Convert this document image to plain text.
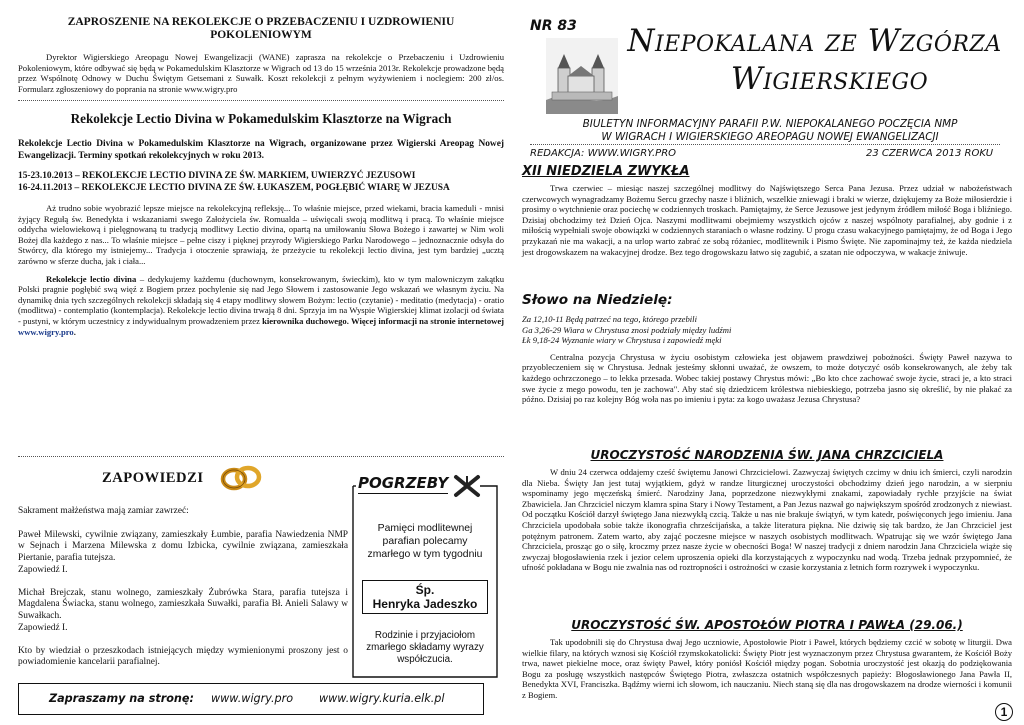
ZAPROSZENIE NA REKOLEKCJE O PRZEBACZENIU I UZDROWIENIU POKOLENIOWYM

Dyrektor Wigierskiego Areopagu Nowej Ewangelizacji (WANE) zaprasza na rekolekcje o Przebaczeniu i Uzdrowieniu Pokoleniowym, które odbywać się będą w Pokamedulskim Klasztorze w Wigrach od 13 do 15 września 2013r. Rekolekcje prowadzone będą przez Wspólnotę Odnowy w Duchu Świętym Getsemani z Suwałk. Koszt rekolekcji z pełnym wyżywieniem i noclegiem: 200 zł/os. Formularz zgłoszeniowy do poprania na stronie www.wigry.pro

Rekolekcje Lectio Divina w Pokamedulskim Klasztorze na Wigrach

Rekolekcje Lectio Divina w Pokamedulskim Klasztorze na Wigrach, organizowane przez Wigierski Areopag Nowej Ewangelizacji. Terminy spotkań rekolekcyjnych w roku 2013.

15-23.10.2013 – REKOLEKCJE LECTIO DIVINA ZE ŚW. MARKIEM, UWIERZYĆ JEZUSOWI

16-24.11.2013 – REKOLEKCJE LECTIO DIVINA ZE ŚW. ŁUKASZEM, POGŁĘBIĆ WIARĘ W JEZUSA

Aż trudno sobie wyobrazić lepsze miejsce na rekolekcyjną refleksję... To właśnie miejsce, przed wiekami, bracia kameduli - mnisi żyjący Regułą św. Benedykta i wskazaniami swego Założyciela św. Romualda – uświęcali swoją modlitwą i pracą. To właśnie miejsce oddycha wielowiekową i pielęgnowaną tu tradycją modlitwy Lectio divina, opartą na umiłowaniu Słowa Bożego i zawartej w Nim woli Bożej dla każdego z nas... To właśnie miejsce – pełne ciszy i pięknej przyrody Wigierskiego Parku Narodowego – jednoznacznie odsyła do Stwórcy, dla którego my istniejemy... Tradycja i otoczenie sprawiają, że przeżycie tu rekolekcji lectio divina, jest tym bardziej „ucztą zarówno w sferze ducha, jak i ciała...

Rekolekcje lectio divina – dedykujemy każdemu (duchownym, konsekrowanym, świeckim), kto w tym malowniczym zakątku Polski pragnie pogłębić swą więź z Bogiem przez pochylenie się nad Jego Słowem i zastosowanie Jego wskazań we własnym życiu. Na dynamikę dnia tych szczególnych rekolekcji składają się 4 etapy modlitwy słowem Bożym: lectio (czytanie) - meditatio (medytacja) - oratio (modlitwa) - contemplatio (kontemplacja). Rekolekcje lectio divina trwają 8 dni. Sprzyja im na Wyspie Wigierskiej klimat izolacji od świata - pustyni, w którym uczestnicy z indywidualnym prowadzeniem przez kierownika duchowego. Więcej informacji na stronie internetowej www.wigry.pro.

ZAPOWIEDZI

Sakrament małżeństwa mają zamiar zawrzeć:

Paweł Milewski, cywilnie związany, zamieszkały Łumbie, parafia Nawiedzenia NMP w Sejnach i Marzena Milewska z domu Izbicka, cywilnie związana, zamieszkała Piertanie, parafia tutejsza.

Zapowiedź I.

Michał Brejczak, stanu wolnego, zamieszkały Żubrówka Stara, parafia tutejsza i Magdalena Świacka, stanu wolnego, zamieszkała Suwałki, parafia Bł. Anieli Salawy w Suwałkach.

Zapowiedź I.

Kto by wiedział o przeszkodach istniejących między wymienionymi proszony jest o powiadomienie kancelarii parafialnej.

POGRZEBY

Pamięci modlitewnej parafian polecamy zmarłego w tym tygodniu

Śp.
Henryka Jadeszko

Rodzinie i przyjaciołom zmarłego składamy wyrazy współczucia.

Zapraszamy na stronę: www.wigry.pro www.wigry.kuria.elk.pl
NR 83	Niepokalana ze Wzgórza
Wigierskiego
BIULETYN INFORMACYJNY PARAFII P.W. NIEPOKALANEGO POCZĘCIA NMP
W WIGRACH I WIGIERSKIEGO AREOPAGU NOWEJ EWANGELIZACJI
REDAKCJA: WWW.WIGRY.PRO	23 CZERWCA 2013 ROKU
XII NIEDZIELA ZWYKŁA

Trwa czerwiec – miesiąc naszej szczególnej modlitwy do Najświętszego Serca Pana Jezusa. Przez udział w nabożeństwach czerwcowych wynagradzamy Bożemu Sercu grzechy nasze i bliźnich, wszelkie zniewagi i braki w wierze, dziękujemy za Boże miłosierdzie i prosimy o wytchnienie oraz pociechę w codziennych troskach. Pamiętajmy, że Serce Jezusowe jest jedynym źródłem miłość Boga i bliźniego. Dzisiaj obchodzimy też Dzień Ojca. Naszymi modlitwami obejmiemy wszystkich ojców z naszej wspólnoty parafialnej, aby godnie i z miłością wypełniali swoje obowiązki w codziennych staraniach o własne rodziny. U progu czasu wakacyjnego pamiętajmy, że od Boga i Jego przykazań nie ma wakacji, a na urlop warto zabrać ze sobą różaniec, modlitewnik i Pismo Święte. Nie zapominajmy też, że każda niedziela jest drogowskazem na wakacyjnej drodze. Bez tego drogowskazu łatwo się zagubić, a szatan nie odpoczywa, w wakacje żniwuje.

Słowo na Niedzielę:

Za 12,10-11 Będą patrzeć na tego, którego przebili

Ga 3,26-29 Wiara w Chrystusa znosi podziały między ludźmi

Łk 9,18-24 Wyznanie wiary w Chrystusa i zapowiedź męki

Centralna pozycja Chrystusa w życiu osobistym człowieka jest objawem prawdziwej pobożności. Święty Paweł nazywa to przyobleczeniem się w Chrystusa. Jednak jesteśmy skłonni uważać, że owszem, to może dotyczyć osób konsekrowanych, ale żeby tak każdego ochrzczonego – to lekka przesada. Wobec takiej postawy Chrystus mówi: „Bo kto chce zachować swoje życie, straci je, a kto straci swe życie z mego powodu, ten je zachowa". Aby stać się dziedzicem królestwa niebieskiego, potrzeba jasno się określić, by nie płakać za późno. Dzisiaj po raz kolejny Bóg woła nas po imieniu i pyta: za kogo uważasz Jezusa Chrystusa?

UROCZYSTOŚĆ NARODZENIA ŚW. JANA CHRZCICIELA

W dniu 24 czerwca oddajemy cześć świętemu Janowi Chrzcicielowi. Zazwyczaj świętych czcimy w dniu ich śmierci, czyli narodzin dla Nieba. Święty Jan jest tutaj wyjątkiem, gdyż w randze liturgicznej uroczystości obchodzimy dzień jego narodzin, a w sierpniu wspominamy jego męczeńską śmierć. Narodziny Jana, poprzedzone niezwykłymi znakami, zapowiadały rychłe przyjście na świat Zbawiciela. Jan Chrzciciel niczym klamra spina Stary i Nowy Testament, a Pan Jezus nazwał go największym spośród zrodzonych z niewiast. Od początku Kościół darzył świętego Jana niezwykłą czcią. Także u nas nie brakuje świątyń, w tym katedr, poświęconych jego imieniu. Jana Chrzciciela upodobała sobie także ikonografia chrześcijańska, a także literatura piękna. Nie dziwię się tak bardzo, że Jan Chrzciciel jest potężnym patronem. Zatem warto, aby zająć poczesne miejsce w naszych osobistych modlitwach. Wpatrując się we wzór świętego Jana Chrzciciela, prosząc go o siłę, kroczmy przez nasze życie w obecności Boga! W naszej tradycji z dniem narodzin Jana Chrzciciela wiąże się zwyczaj błogosławienia rzek i jezior celem uproszenia opieki dla korzystających z wypoczynku nad wodą. Trzeba jednak przypomnieć, że ufność pokładana w Bogu nie zwalnia nas od roztropności i ostrożności w czasie korzystania z letnich form rozrywek i wypoczynku.

UROCZYSTOŚĆ ŚW. APOSTOŁÓW PIOTRA I PAWŁA (29.06.)

Tak upodobnili się do Chrystusa dwaj Jego uczniowie, Apostołowie Piotr i Paweł, których będziemy czcić w sobotę w liturgii. Dwa wielkie filary, na których wznosi się Kościół rzymskokatolicki: Święty Piotr jest wyznaczonym przez Chrystusa gwarantem, że Kościół Boży trwa, nawet piekielne moce, oraz święty Paweł, który poniósł Kościół między pogan. Sobotnia uroczystość jest okazją do podziękowania Bogu za posługę wszystkich następców Świętego Piotra, zwłaszcza ostatnich współczesnych papieży: Błogosławionego Jana Pawła II, Benedykta XVI, Franciszka. Bądźmy wierni ich słowom, ich nauczaniu. Niech staną się dla nas drogowskazem na drodze wierności i komunii z Bogiem.

1
